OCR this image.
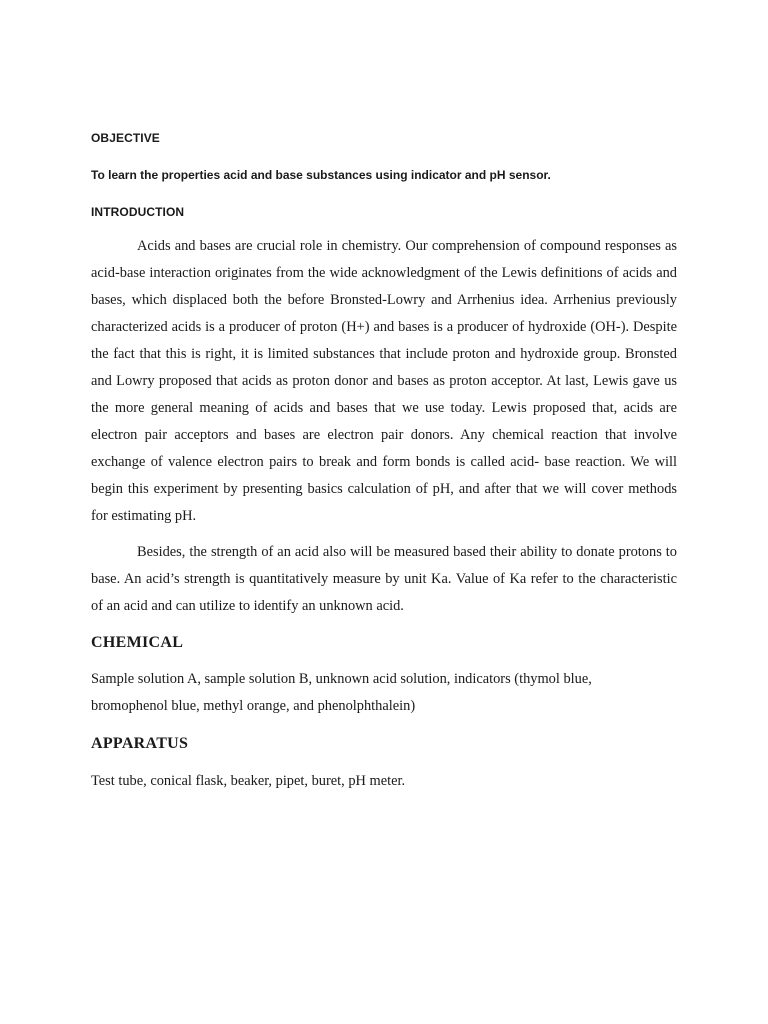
OBJECTIVE
To learn the properties acid and base substances using indicator and pH sensor.
INTRODUCTION

Acids and bases are crucial role in chemistry. Our comprehension of compound responses as acid-base interaction originates from the wide acknowledgment of the Lewis definitions of acids and bases, which displaced both the before Bronsted-Lowry and Arrhenius idea. Arrhenius previously characterized acids is a producer of proton (H+) and bases is a producer of hydroxide (OH-). Despite the fact that this is right, it is limited substances that include proton and hydroxide group. Bronsted and Lowry proposed that acids as proton donor and bases as proton acceptor. At last, Lewis gave us the more general meaning of acids and bases that we use today. Lewis proposed that, acids are electron pair acceptors and bases are electron pair donors. Any chemical reaction that involve exchange of valence electron pairs to break and form bonds is called acid- base reaction. We will begin this experiment by presenting basics calculation of pH, and after that we will cover methods for estimating pH.

Besides, the strength of an acid also will be measured based their ability to donate protons to base. An acid’s strength is quantitatively measure by unit Ka. Value of Ka refer to the characteristic of an acid and can utilize to identify an unknown acid.

CHEMICAL
Sample solution A, sample solution B, unknown acid solution, indicators (thymol blue, bromophenol blue, methyl orange, and phenolphthalein)
APPARATUS
Test tube, conical flask, beaker, pipet, buret, pH meter.
